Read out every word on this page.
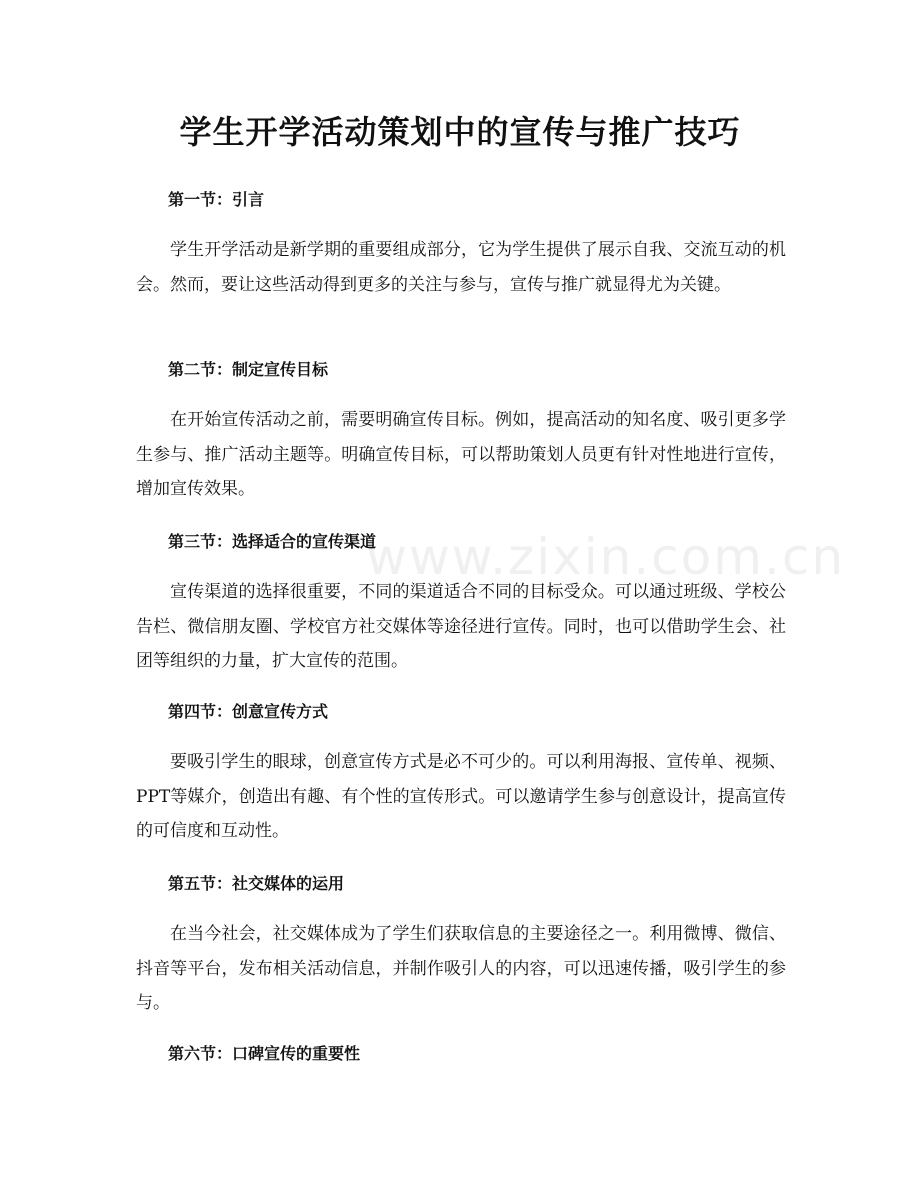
学生开学活动策划中的宣传与推广技巧
www.zixin.com.cn
第一节：引言

学生开学活动是新学期的重要组成部分，它为学生提供了展示自我、交流互动的机会。然而，要让这些活动得到更多的关注与参与，宣传与推广就显得尤为关键。

第二节：制定宣传目标

在开始宣传活动之前，需要明确宣传目标。例如，提高活动的知名度、吸引更多学生参与、推广活动主题等。明确宣传目标，可以帮助策划人员更有针对性地进行宣传，增加宣传效果。

第三节：选择适合的宣传渠道

宣传渠道的选择很重要，不同的渠道适合不同的目标受众。可以通过班级、学校公告栏、微信朋友圈、学校官方社交媒体等途径进行宣传。同时，也可以借助学生会、社团等组织的力量，扩大宣传的范围。

第四节：创意宣传方式

要吸引学生的眼球，创意宣传方式是必不可少的。可以利用海报、宣传单、视频、PPT等媒介，创造出有趣、有个性的宣传形式。可以邀请学生参与创意设计，提高宣传的可信度和互动性。

第五节：社交媒体的运用

在当今社会，社交媒体成为了学生们获取信息的主要途径之一。利用微博、微信、抖音等平台，发布相关活动信息，并制作吸引人的内容，可以迅速传播，吸引学生的参与。

第六节：口碑宣传的重要性
